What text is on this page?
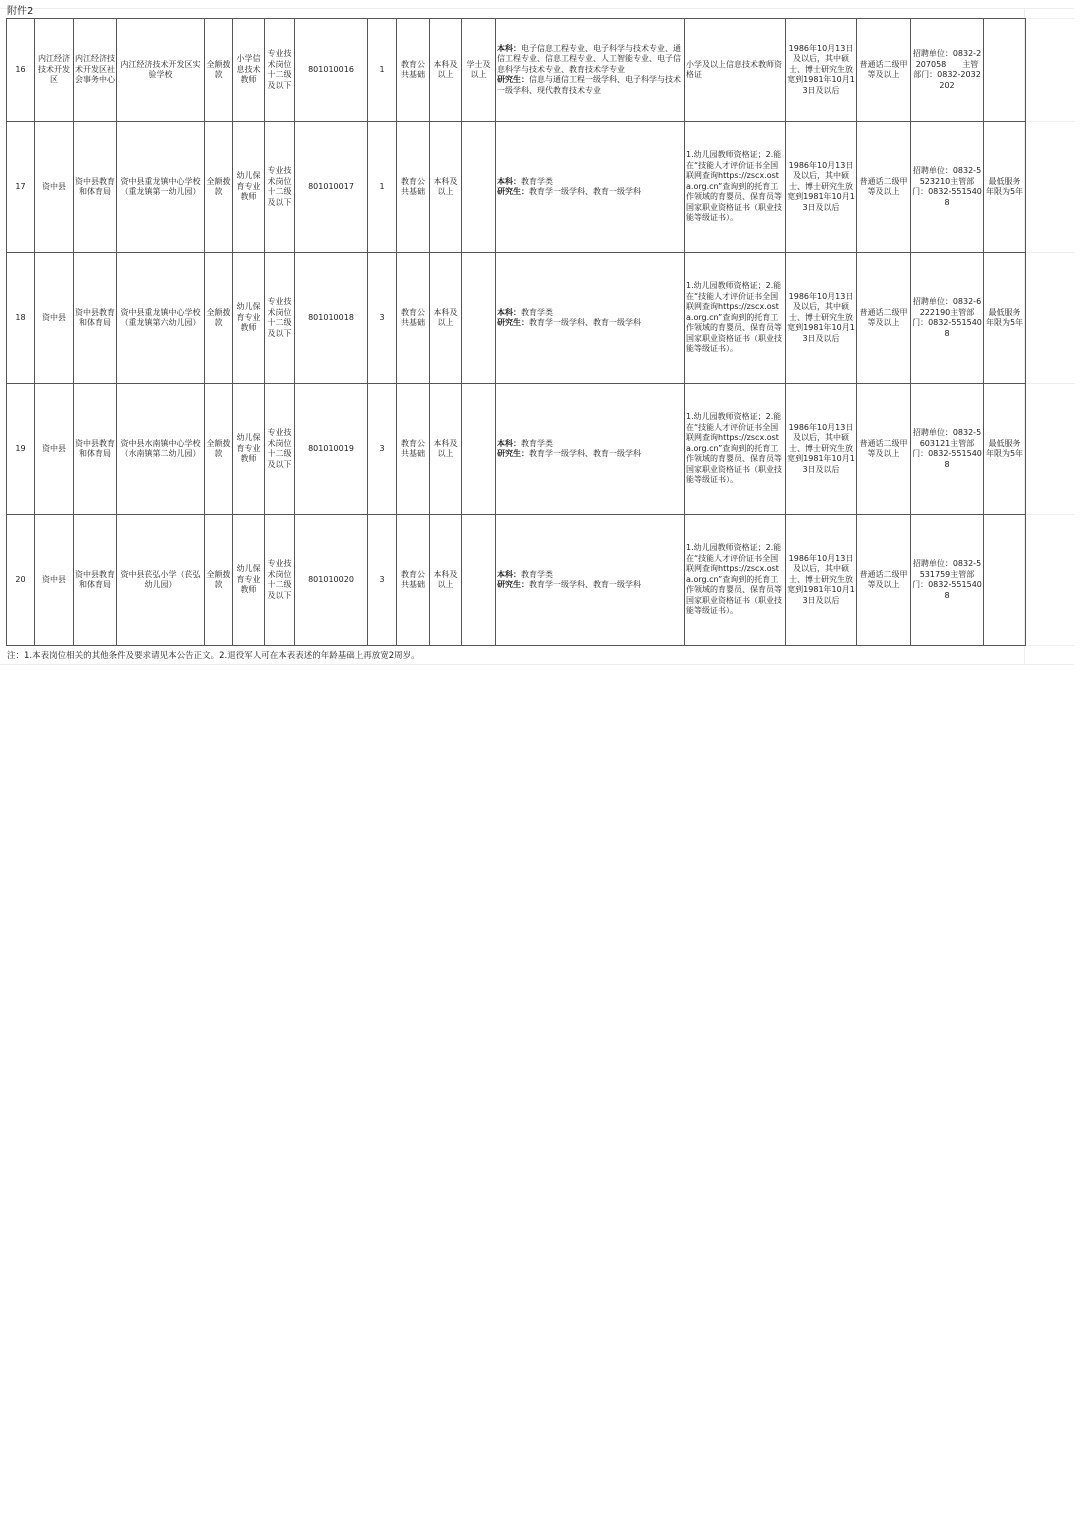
附件2
16	内江经济技术开发区	内江经济技术开发区社会事务中心	内江经济技术开发区实验学校	全额拨款	小学信息技术教师	专业技术岗位十二级及以下	801010016	1	教育公共基础	本科及以上	学士及以上	本科：电子信息工程专业、电子科学与技术专业、通信工程专业、信息工程专业、人工智能专业、电子信息科学与技术专业、教育技术学专业
研究生：信息与通信工程一级学科、电子科学与技术一级学科、现代教育技术专业	小学及以上信息技术教师资格证	1986年10月13日及以后，其中硕士、博士研究生放宽到1981年10月13日及以后	普通话二级甲等及以上	招聘单位：0832-2207058　　主管部门：0832-2032202	
17	资中县	资中县教育和体育局	资中县重龙镇中心学校（重龙镇第一幼儿园）	全额拨款	幼儿保育专业教师	专业技术岗位十二级及以下	801010017	1	教育公共基础	本科及以上		本科：教育学类
研究生：教育学一级学科、教育一级学科	1.幼儿园教师资格证；2.能在“技能人才评价证书全国联网查询https://zscx.osta.org.cn”查询到的托育工作领域的育婴员、保育员等国家职业资格证书（职业技能等级证书）。	1986年10月13日及以后，其中硕士、博士研究生放宽到1981年10月13日及以后	普通话二级甲等及以上	招聘单位：0832-5523210主管部门：0832-5515408	最低服务年限为5年
18	资中县	资中县教育和体育局	资中县重龙镇中心学校（重龙镇第六幼儿园）	全额拨款	幼儿保育专业教师	专业技术岗位十二级及以下	801010018	3	教育公共基础	本科及以上		本科：教育学类
研究生：教育学一级学科、教育一级学科	1.幼儿园教师资格证；2.能在“技能人才评价证书全国联网查询https://zscx.osta.org.cn”查询到的托育工作领域的育婴员、保育员等国家职业资格证书（职业技能等级证书）。	1986年10月13日及以后，其中硕士、博士研究生放宽到1981年10月13日及以后	普通话二级甲等及以上	招聘单位：0832-6222190主管部门：0832-5515408	最低服务年限为5年
19	资中县	资中县教育和体育局	资中县水南镇中心学校（水南镇第二幼儿园）	全额拨款	幼儿保育专业教师	专业技术岗位十二级及以下	801010019	3	教育公共基础	本科及以上		本科：教育学类
研究生：教育学一级学科、教育一级学科	1.幼儿园教师资格证；2.能在“技能人才评价证书全国联网查询https://zscx.osta.org.cn”查询到的托育工作领域的育婴员、保育员等国家职业资格证书（职业技能等级证书）。	1986年10月13日及以后，其中硕士、博士研究生放宽到1981年10月13日及以后	普通话二级甲等及以上	招聘单位：0832-5603121主管部门：0832-5515408	最低服务年限为5年
20	资中县	资中县教育和体育局	资中县苌弘小学（苌弘幼儿园）	全额拨款	幼儿保育专业教师	专业技术岗位十二级及以下	801010020	3	教育公共基础	本科及以上		本科：教育学类
研究生：教育学一级学科、教育一级学科	1.幼儿园教师资格证；2.能在“技能人才评价证书全国联网查询https://zscx.osta.org.cn”查询到的托育工作领域的育婴员、保育员等国家职业资格证书（职业技能等级证书）。	1986年10月13日及以后，其中硕士、博士研究生放宽到1981年10月13日及以后	普通话二级甲等及以上	招聘单位：0832-5531759主管部门：0832-5515408	
注：1.本表岗位相关的其他条件及要求请见本公告正文。2.退役军人可在本表表述的年龄基础上再放宽2周岁。
